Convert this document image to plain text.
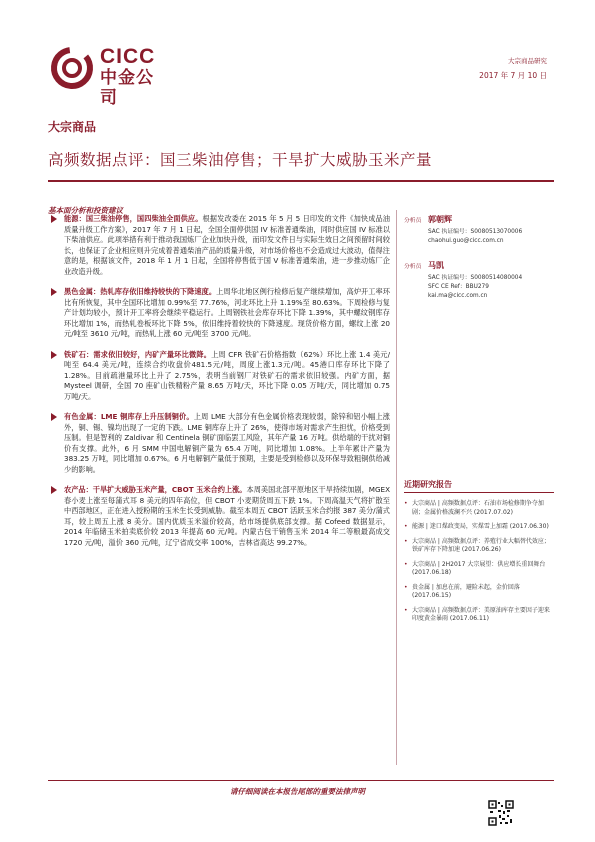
CICC
中金公司
大宗商品研究
2017 年 7 月 10 日
大宗商品
高频数据点评：国三柴油停售；干旱扩大威胁玉米产量
基本面分析和投资建议

能源：国三柴油停售，国四柴油全面供应。根据发改委在 2015 年 5 月 5 日印发的文件《加快成品油质量升级工作方案》，2017 年 7 月 1 日起，全国全面停供国 IV 标准普通柴油，同时供应国 IV 标准以下柴油供应。此项举措有利于推动我国炼厂企业加快升级，而印发文件日与实际生效日之间预留时间较长，也保证了企业相应则升完成着普通柴油产品的质量升级，对市场价格也不会造成过大波动，值得注意的是，根据该文件，2018 年 1 月 1 日起，全国将停售低于国 V 标准普通柴油，进一步推动炼厂企业改造升级。

黑色金属：热轧库存依旧维持较快的下降速度。上周华北地区例行检修后复产继续增加，高炉开工率环比有所恢复，其中全国环比增加 0.99%至 77.76%，河北环比上升 1.19%至 80.63%。下周检修与复产计划均较小，预计开工率将会继续平稳运行。上周钢铁社会库存环比下降 1.39%，其中螺纹钢库存环比增加 1%，而热轧卷板环比下降 5%，依旧维持着较快的下降速度。现货价格方面，螺纹上涨 20 元/吨至 3610 元/吨，而热轧上涨 60 元/吨至 3700 元/吨。

铁矿石：需求依旧较好，内矿产量环比微降。上周 CFR 铁矿石价格指数（62%）环比上涨 1.4 美元/吨至 64.4 美元/吨，连续合约收盘价481.5元/吨，周度上涨1.3元/吨。45港口库存环比下降了1.28%。目前疏港量环比上升了 2.75%，表明当前钢厂对铁矿石的需求依旧较强。内矿方面，据 Mysteel 调研，全国 70 座矿山铁精粉产量 8.65 万吨/天，环比下降 0.05 万吨/天，同比增加 0.75 万吨/天。

有色金属：LME 铜库存上升压制铜价。上周 LME 大部分有色金属价格表现较弱，除锌和铝小幅上涨外，铜、锡、镍均出现了一定的下跌。LME 铜库存上升了 26%，使得市场对需求产生担忧，价格受到压制。但是智利的 Zaldivar 和 Centinela 铜矿面临罢工风险，其年产量 16 万吨。供给端的干扰对铜价有支撑。此外，6 月 SMM 中国电解铜产量为 65.4 万吨，同比增加 1.08%。上半年累计产量为 383.25 万吨，同比增加 0.67%。6 月电解铜产量低于预期，主要是受到检修以及环保导致粗铜供给减少的影响。

农产品：干旱扩大威胁玉米产量，CBOT 玉米合约上涨。本周美国北部平原地区干旱持续加剧，MGEX 春小麦上涨至每蒲式耳 8 美元的四年高位，但 CBOT 小麦期货周五下跌 1%。下周高温天气将扩散至中西部地区，正在进入授粉期的玉米生长受到威胁。截至本周五 CBOT 活跃玉米合约报 387 美分/蒲式耳，较上周五上涨 8 美分。国内优质玉米溢价较高，给市场提供底部支撑。据 Cofeed 数据显示，2014 年临储玉米拍卖底价较 2013 年提高 60 元/吨。内蒙古包干销售玉米 2014 年二等粮最高成交 1720 元/吨，溢价 360 元/吨，辽宁省成交率 100%，吉林省高达 99.27%。

分析员 郭朝辉
SAC 执证编号：S0080513070006
chaohui.guo@cicc.com.cn
分析员 马凯
SAC 执证编号：S0080514080004
SFC CE Ref：BBU279
kai.ma@cicc.com.cn
近期研究报告
• 大宗商品 | 高频数据点评：石油市场检修期争夺加剧；金属价格波澜不兴 (2017.07.02)
• 能源 | 迷口煤政变局，实煤雪上加霜 (2017.06.30)
• 大宗商品 | 高频数据点评：养殖行业大幅替代效应；铁矿库存下降加速 (2017.06.26)
• 大宗商品 | 2H2017 大宗展望：供应增长重回舞台 (2017.06.18)
• 贵金属 | 加息在前，避险未起，金价回落 (2017.06.15)
• 大宗商品 | 高频数据点评：美原油库存主要因子迎来印度黄金暴雨 (2017.06.11)
请仔细阅读在本报告尾部的重要法律声明
